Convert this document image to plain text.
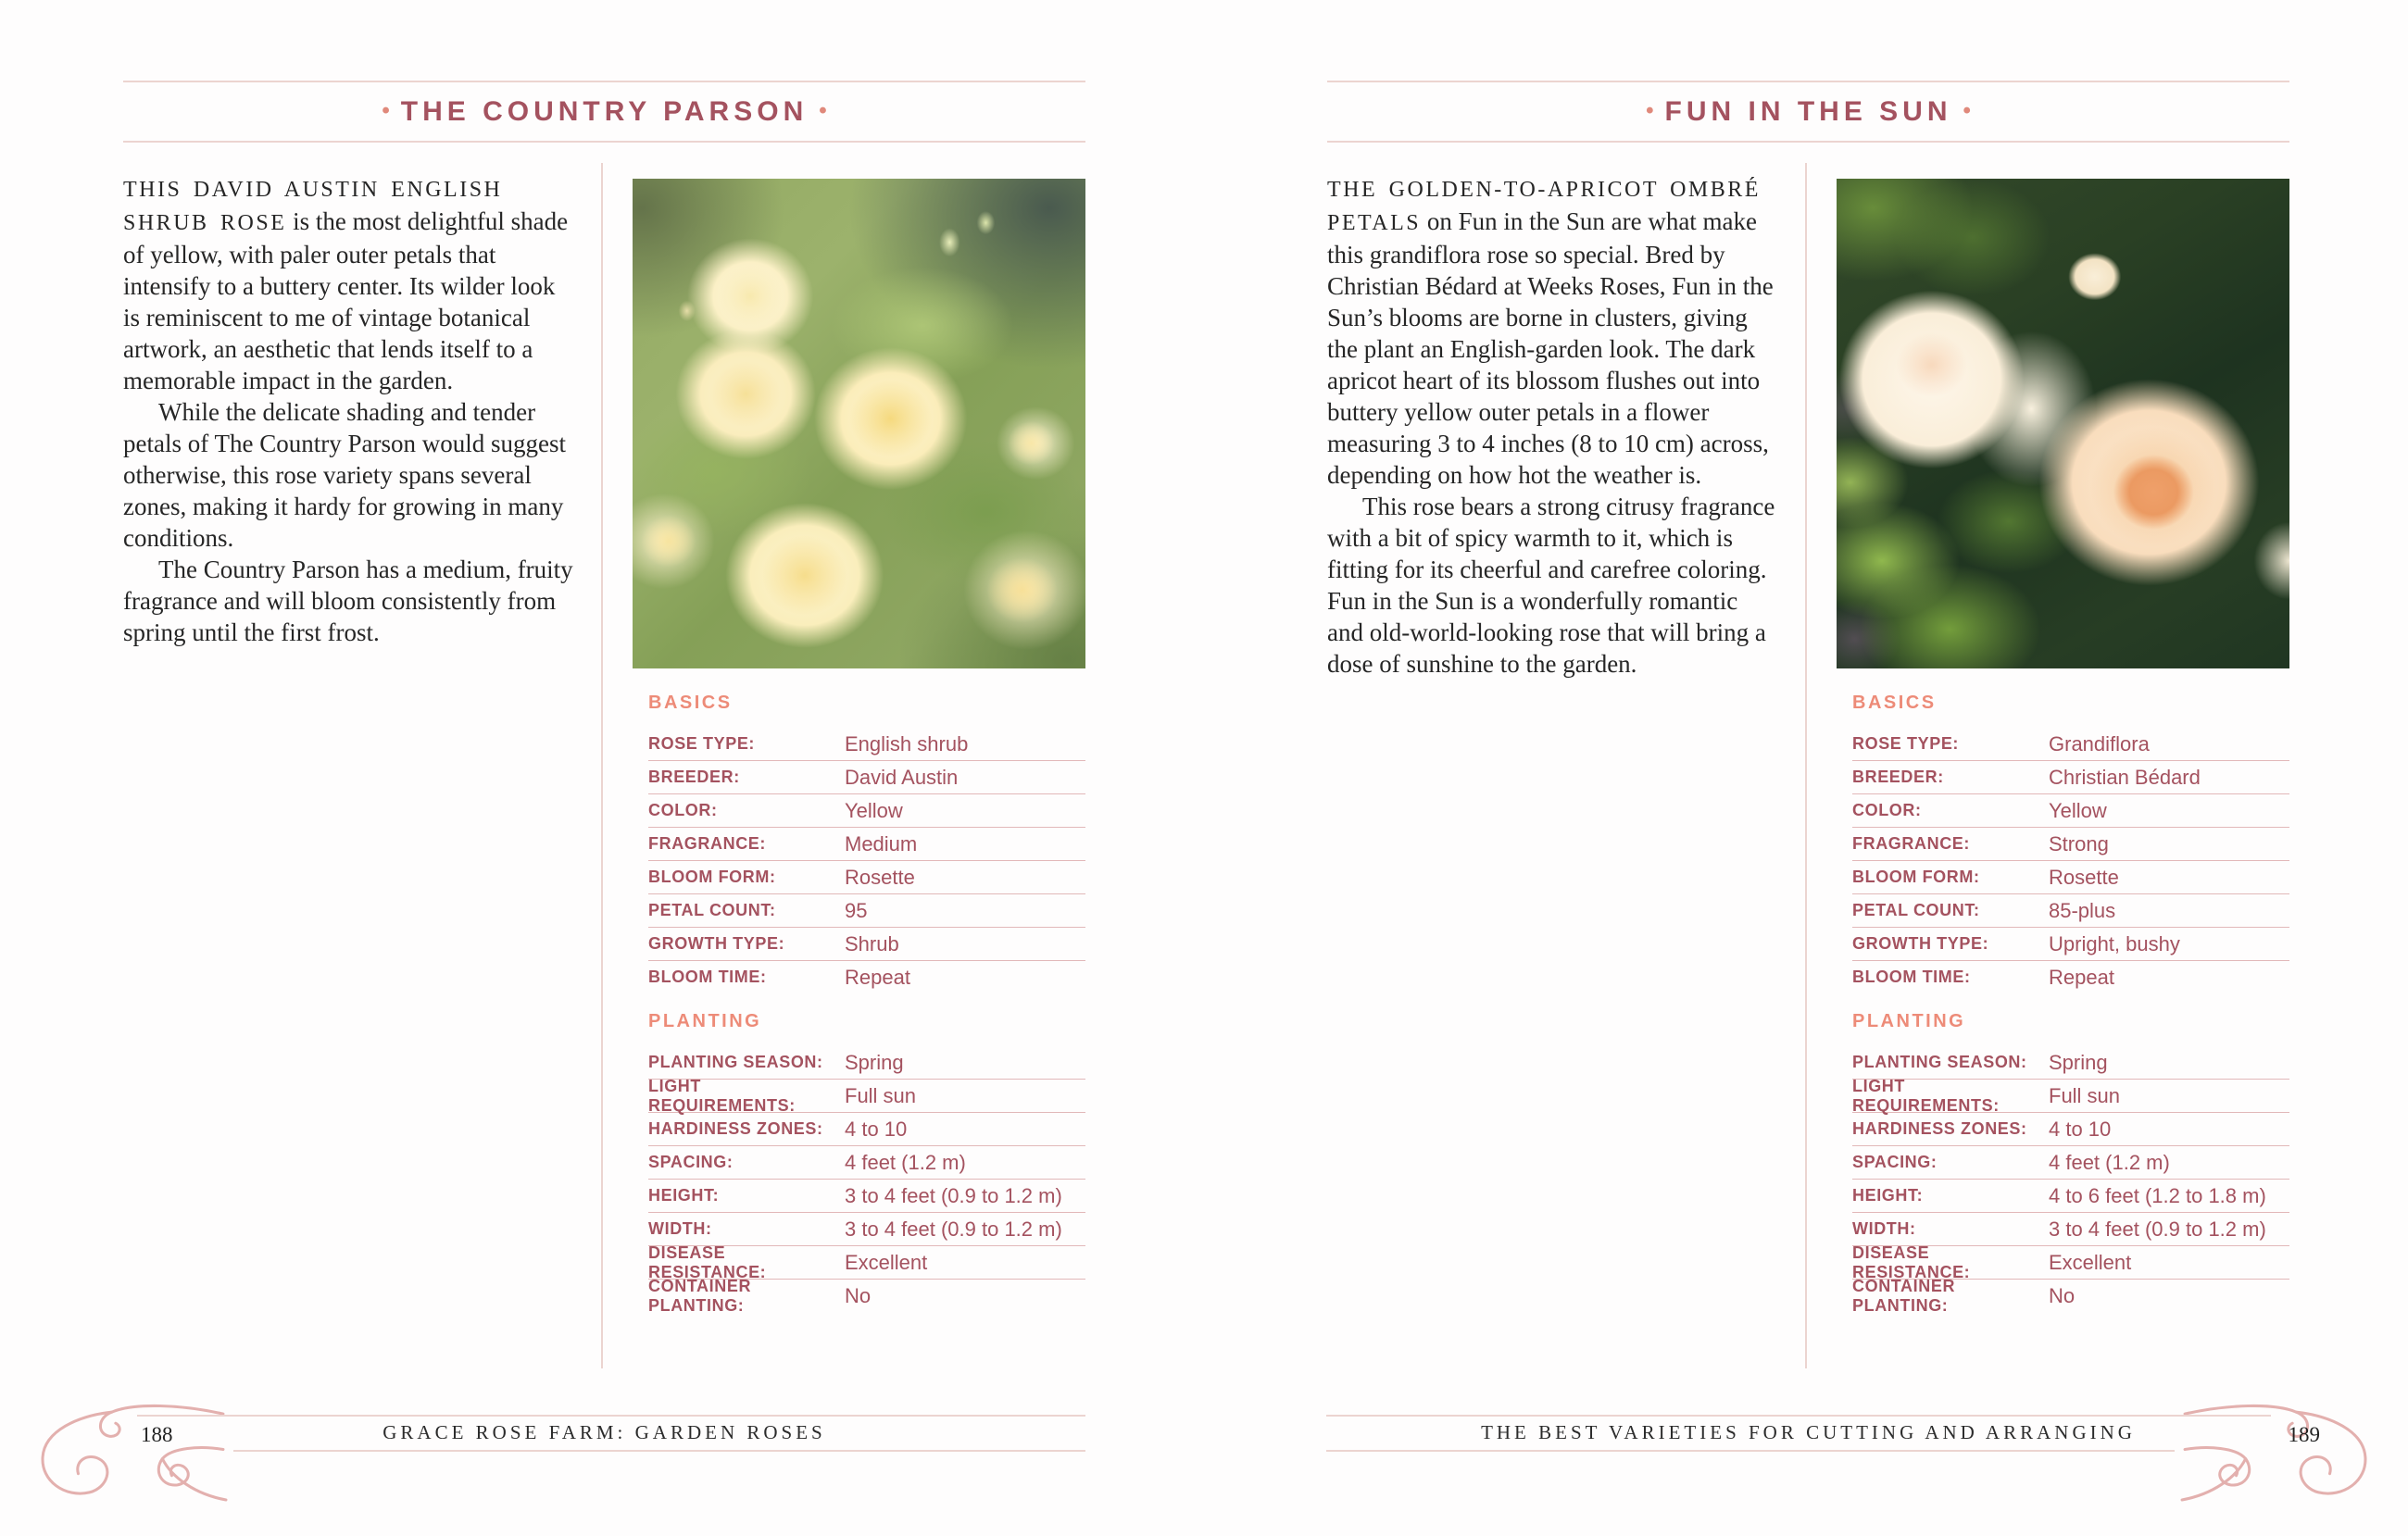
• THE COUNTRY PARSON •

THIS DAVID AUSTIN ENGLISH SHRUB ROSE is the most delightful shade of yellow, with paler outer petals that intensify to a buttery center. Its wilder look is reminiscent to me of vintage botanical artwork, an aesthetic that lends itself to a memorable impact in the garden.

While the delicate shading and tender petals of The Country Parson would suggest otherwise, this rose variety spans several zones, making it hardy for growing in many conditions.

The Country Parson has a medium, fruity fragrance and will bloom consistently from spring until the first frost.

BASICS
ROSE TYPE:	English shrub
BREEDER:	David Austin
COLOR:	Yellow
FRAGRANCE:	Medium
BLOOM FORM:	Rosette
PETAL COUNT:	95
GROWTH TYPE:	Shrub
BLOOM TIME:	Repeat
PLANTING
PLANTING SEASON:	Spring
LIGHT REQUIREMENTS:	Full sun
HARDINESS ZONES:	4 to 10
SPACING:	4 feet (1.2 m)
HEIGHT:	3 to 4 feet (0.9 to 1.2 m)
WIDTH:	3 to 4 feet (0.9 to 1.2 m)
DISEASE RESISTANCE:	Excellent
CONTAINER PLANTING:	No
188	GRACE ROSE FARM: GARDEN ROSES
• FUN IN THE SUN •

THE GOLDEN-TO-APRICOT OMBRÉ PETALS on Fun in the Sun are what make this grandiflora rose so special. Bred by Christian Bédard at Weeks Roses, Fun in the Sun’s blooms are borne in clusters, giving the plant an English-garden look. The dark apricot heart of its blossom flushes out into buttery yellow outer petals in a flower measuring 3 to 4 inches (8 to 10 cm) across, depending on how hot the weather is.

This rose bears a strong citrusy fragrance with a bit of spicy warmth to it, which is fitting for its cheerful and carefree coloring. Fun in the Sun is a wonderfully romantic and old-world-looking rose that will bring a dose of sunshine to the garden.

BASICS
ROSE TYPE:	Grandiflora
BREEDER:	Christian Bédard
COLOR:	Yellow
FRAGRANCE:	Strong
BLOOM FORM:	Rosette
PETAL COUNT:	85-plus
GROWTH TYPE:	Upright, bushy
BLOOM TIME:	Repeat
PLANTING
PLANTING SEASON:	Spring
LIGHT REQUIREMENTS:	Full sun
HARDINESS ZONES:	4 to 10
SPACING:	4 feet (1.2 m)
HEIGHT:	4 to 6 feet (1.2 to 1.8 m)
WIDTH:	3 to 4 feet (0.9 to 1.2 m)
DISEASE RESISTANCE:	Excellent
CONTAINER PLANTING:	No
189
THE BEST VARIETIES FOR CUTTING AND ARRANGING
